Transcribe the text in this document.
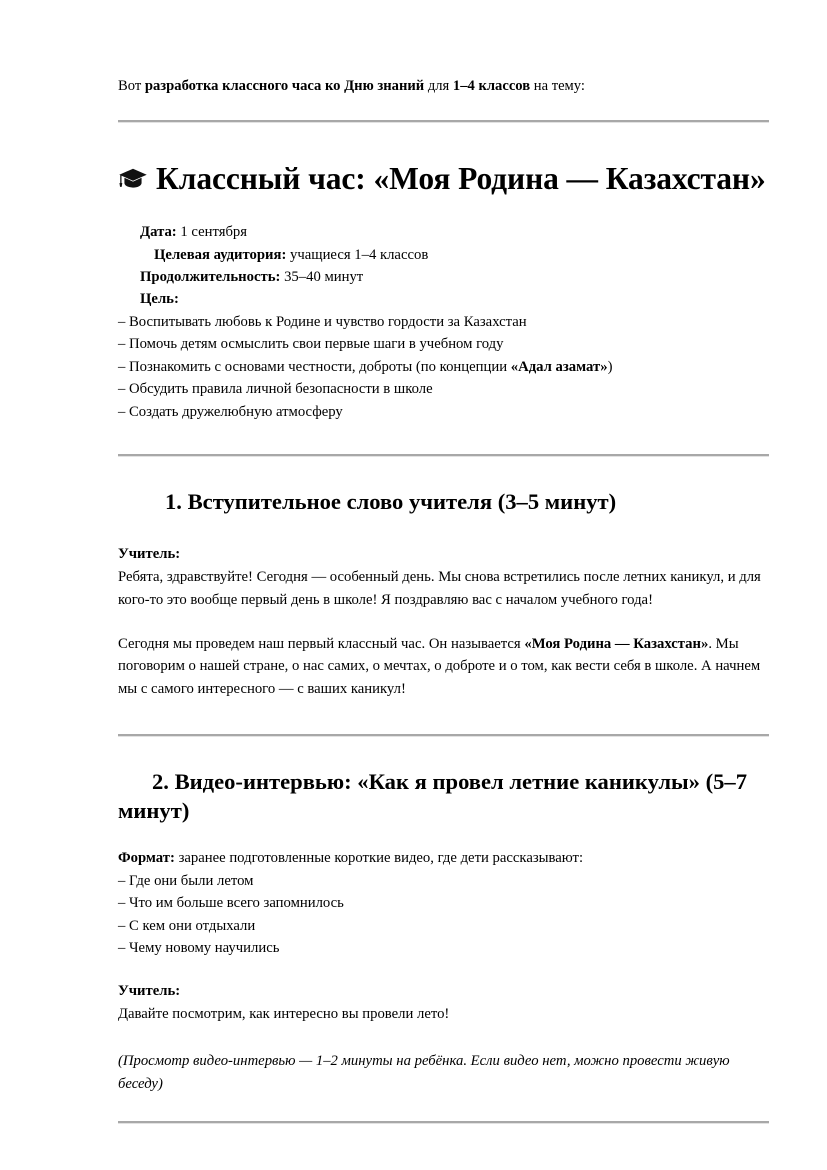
Вот разработка классного часа ко Дню знаний для 1–4 классов на тему:

Классный час: «Моя Родина — Казахстан»
Дата: 1 сентября
Целевая аудитория: учащиеся 1–4 классов
Продолжительность: 35–40 минут
Цель:
– Воспитывать любовь к Родине и чувство гордости за Казахстан
– Помочь детям осмыслить свои первые шаги в учебном году
– Познакомить с основами честности, доброты (по концепции «Адал азамат»)
– Обсудить правила личной безопасности в школе
– Создать дружелюбную атмосферу
1. Вступительное слово учителя (3–5 минут)

Учитель:
Ребята, здравствуйте! Сегодня — особенный день. Мы снова встретились после летних каникул, и для кого-то это вообще первый день в школе! Я поздравляю вас с началом учебного года!

Сегодня мы проведем наш первый классный час. Он называется «Моя Родина — Казахстан». Мы поговорим о нашей стране, о нас самих, о мечтах, о доброте и о том, как вести себя в школе. А начнем мы с самого интересного — с ваших каникул!

2. Видео-интервью: «Как я провел летние каникулы» (5–7 минут)

Формат: заранее подготовленные короткие видео, где дети рассказывают:

– Где они были летом
– Что им больше всего запомнилось
– С кем они отдыхали
– Чему новому научились

Учитель:
Давайте посмотрим, как интересно вы провели лето!

(Просмотр видео-интервью — 1–2 минуты на ребёнка. Если видео нет, можно провести живую беседу)
